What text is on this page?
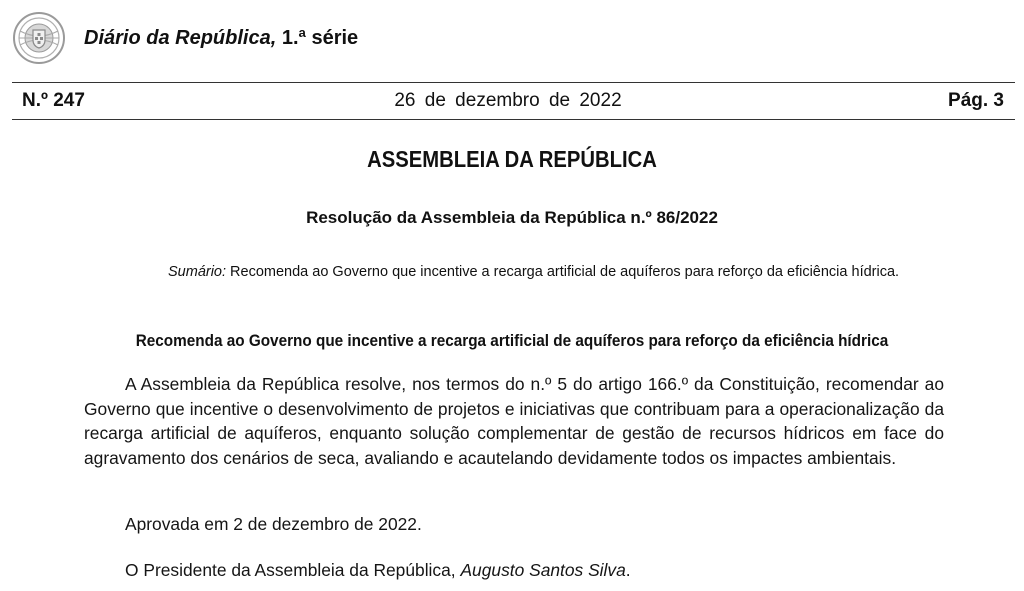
Diário da República, 1.ª série
26 de dezembro de 2022
N.º 247	Pág. 3
ASSEMBLEIA DA REPÚBLICA
Resolução da Assembleia da República n.º 86/2022
Sumário: Recomenda ao Governo que incentive a recarga artificial de aquíferos para reforço da eficiência hídrica.
Recomenda ao Governo que incentive a recarga artificial de aquíferos para reforço da eficiência hídrica
A Assembleia da República resolve, nos termos do n.º 5 do artigo 166.º da Constituição, recomendar ao Governo que incentive o desenvolvimento de projetos e iniciativas que contribuam para a operacionalização da recarga artificial de aquíferos, enquanto solução complementar de gestão de recursos hídricos em face do agravamento dos cenários de seca, avaliando e acautelando devidamente todos os impactes ambientais.
Aprovada em 2 de dezembro de 2022.
O Presidente da Assembleia da República, Augusto Santos Silva.
